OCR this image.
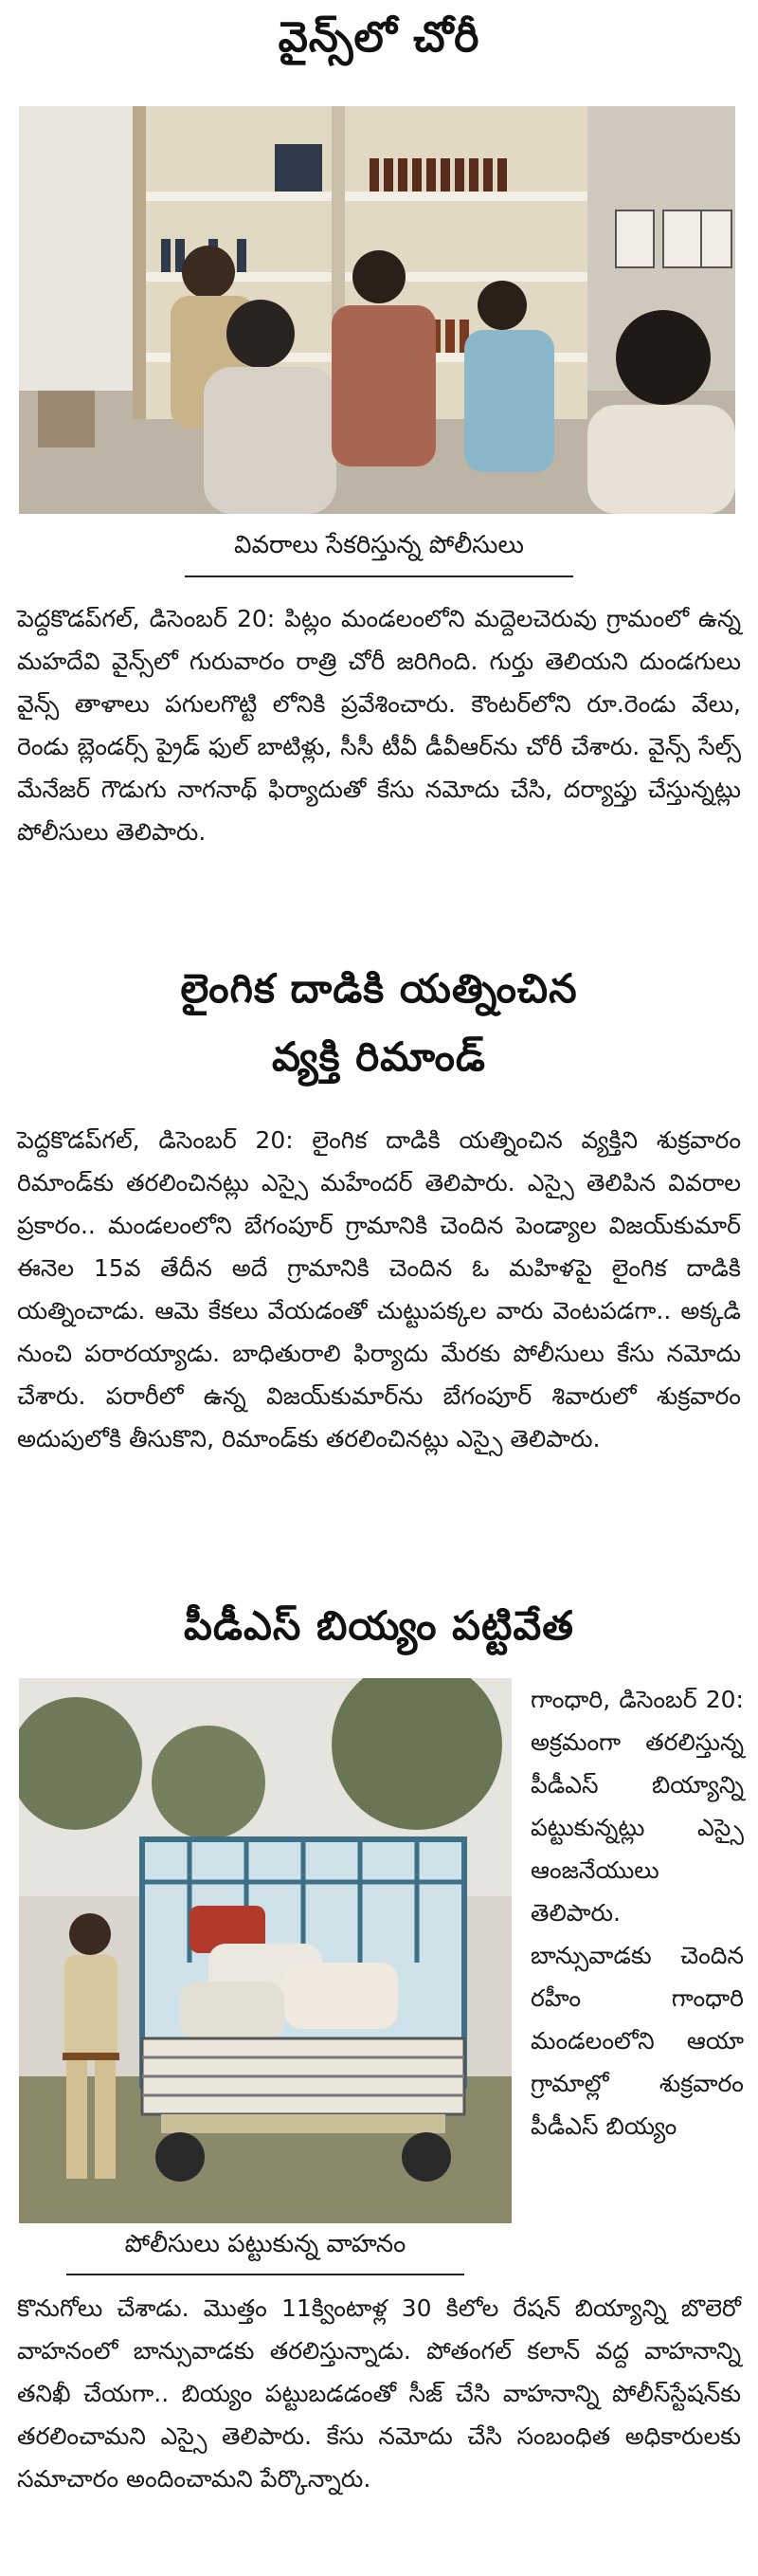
వైన్స్‌లో చోరీ
వివరాలు సేకరిస్తున్న పోలీసులు
పెద్దకొడప్‌గల్, డిసెంబర్ 20: పిట్లం మండలంలోని మద్దెలచెరువు గ్రామంలో ఉన్న మహదేవి వైన్స్‌లో గురువారం రాత్రి చోరీ జరిగింది. గుర్తు తెలియని దుండగులు వైన్స్ తాళాలు పగులగొట్టి లోనికి ప్రవేశించారు. కౌంటర్‌లోని రూ.రెండు వేలు, రెండు బ్లెండర్స్ ప్రైడ్ ఫుల్ బాటిళ్లు, సీసీ టీవీ డీవీఆర్‌ను చోరీ చేశారు. వైన్స్ సేల్స్ మేనేజర్ గౌడుగు నాగనాథ్ ఫిర్యాదుతో కేసు నమోదు చేసి, దర్యాప్తు చేస్తున్నట్లు పోలీసులు తెలిపారు.
లైంగిక దాడికి యత్నించిన
వ్యక్తి రిమాండ్
పెద్దకొడప్‌గల్, డిసెంబర్ 20: లైంగిక దాడికి యత్నించిన వ్యక్తిని శుక్రవారం రిమాండ్‌కు తరలించినట్లు ఎస్సై మహేందర్ తెలిపారు. ఎస్సై తెలిపిన వివరాల ప్రకారం.. మండలంలోని బేగంపూర్ గ్రామానికి చెందిన పెండ్యాల విజయ్‌కుమార్ ఈనెల 15వ తేదీన అదే గ్రామానికి చెందిన ఓ మహిళపై లైంగిక దాడికి యత్నించాడు. ఆమె కేకలు వేయడంతో చుట్టుపక్కల వారు వెంటపడగా.. అక్కడి నుంచి పరారయ్యాడు. బాధితురాలి ఫిర్యాదు మేరకు పోలీసులు కేసు నమోదు చేశారు. పరారీలో ఉన్న విజయ్‌కుమార్‌ను బేగంపూర్ శివారులో శుక్రవారం అదుపులోకి తీసుకొని, రిమాండ్‌కు తరలించినట్లు ఎస్సై తెలిపారు.
పీడీఎస్ బియ్యం పట్టివేత
గాంధారి, డిసెంబర్ 20: అక్రమంగా తరలిస్తున్న పీడీఎస్ బియ్యాన్ని పట్టుకున్నట్లు ఎస్సై ఆంజనేయులు తెలిపారు. బాన్సువాడకు చెందిన రహీం గాంధారి మండలంలోని ఆయా గ్రామాల్లో శుక్రవారం పీడీఎస్ బియ్యం
పోలీసులు పట్టుకున్న వాహనం
కొనుగోలు చేశాడు. మొత్తం 11క్వింటాళ్ల 30 కిలోల రేషన్ బియ్యాన్ని బొలెరో వాహనంలో బాన్సువాడకు తరలిస్తున్నాడు. పోతంగల్ కలాన్ వద్ద వాహనాన్ని తనిఖీ చేయగా.. బియ్యం పట్టుబడడంతో సీజ్ చేసి వాహనాన్ని పోలీస్‌స్టేషన్‌కు తరలించామని ఎస్సై తెలిపారు. కేసు నమోదు చేసి సంబంధిత అధికారులకు సమాచారం అందించామని పేర్కొన్నారు.
